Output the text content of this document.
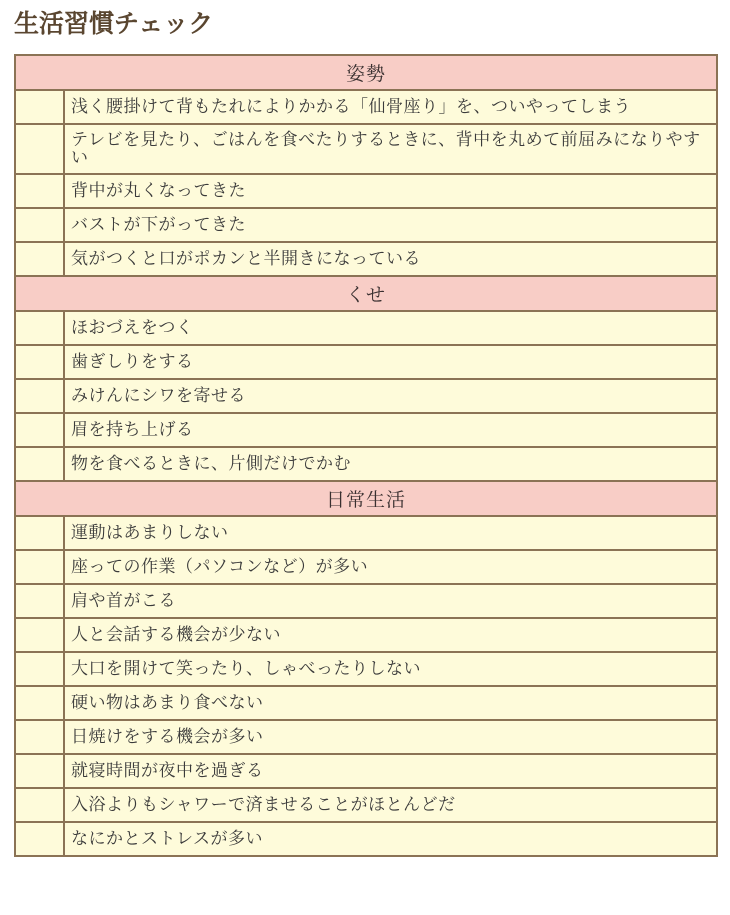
生活習慣チェック
姿勢	

	浅く腰掛けて背もたれによりかかる「仙骨座り」を、ついやってしまう

	テレビを見たり、ごはんを食べたりするときに、背中を丸めて前屈みになりやすい

	背中が丸くなってきた

	バストが下がってきた

	気がつくと口がポカンと半開きになっている
くせ	

	ほおづえをつく

	歯ぎしりをする

	みけんにシワを寄せる

	眉を持ち上げる

	物を食べるときに、片側だけでかむ
日常生活	

	運動はあまりしない

	座っての作業（パソコンなど）が多い

	肩や首がこる

	人と会話する機会が少ない

	大口を開けて笑ったり、しゃべったりしない

	硬い物はあまり食べない

	日焼けをする機会が多い

	就寝時間が夜中を過ぎる

	入浴よりもシャワーで済ませることがほとんどだ

	なにかとストレスが多い
